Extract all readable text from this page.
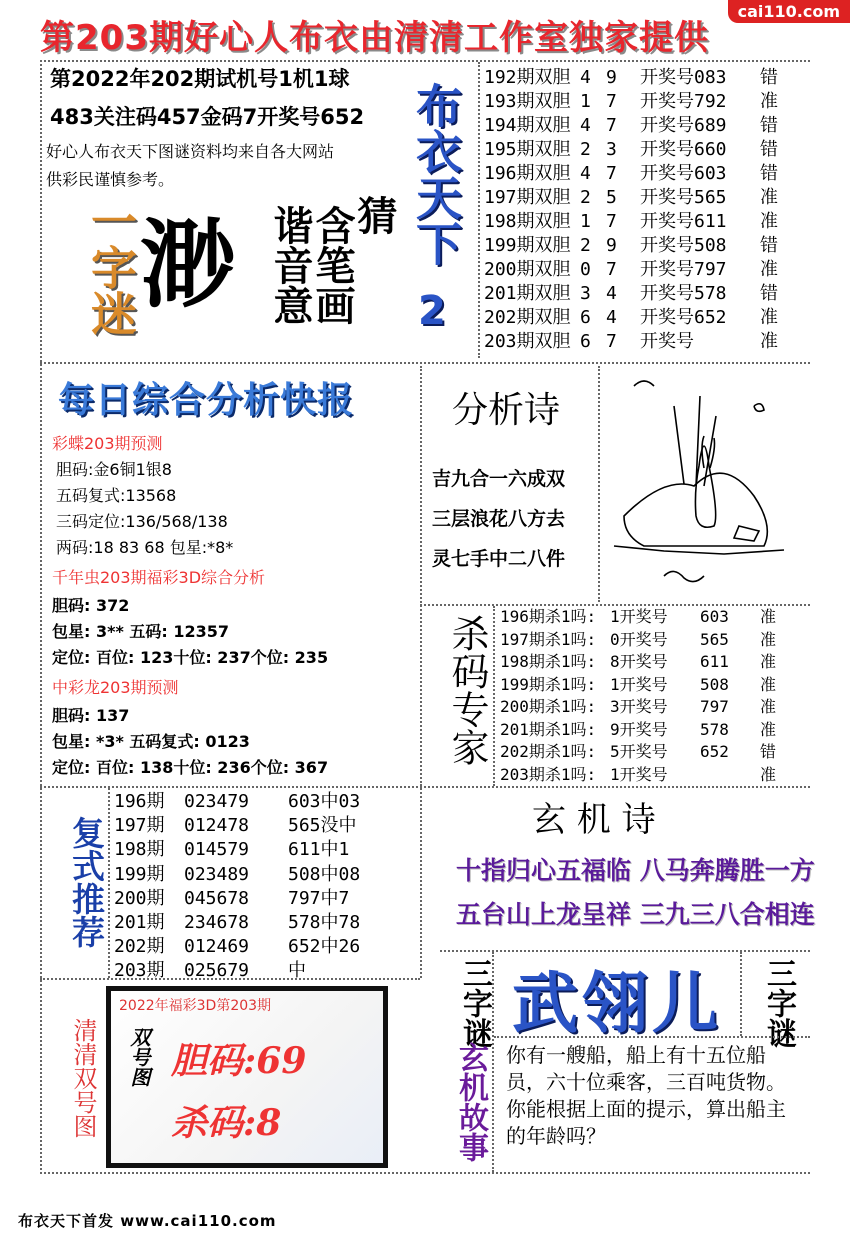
第203期好心人布衣由清清工作室独家提供
cai110.com
第2022年202期试机号1机1球
483关注码457金码7开奖号652
好心人布衣天下图谜资料均来自各大网站
供彩民谨慎参考。
一字迷 渺 谐音意
含笔画
猜 布衣天下
2
192期双胆 4 9 开奖号083 错
193期双胆 1 7 开奖号792 准
194期双胆 4 7 开奖号689 错
195期双胆 2 3 开奖号660 错
196期双胆 4 7 开奖号603 错
197期双胆 2 5 开奖号565 准
198期双胆 1 7 开奖号611 准
199期双胆 2 9 开奖号508 错
200期双胆 0 7 开奖号797 准
201期双胆 3 4 开奖号578 错
202期双胆 6 4 开奖号652 准
203期双胆 6 7 开奖号	准
每日综合分析快报
彩蝶203期预测
胆码:金6铜1银8
五码复式:13568
三码定位:136/568/138
两码:18 83 68 包星:*8*
千年虫203期福彩3D综合分析
胆码: 372
包星: 3** 五码: 12357
定位: 百位: 123十位: 237个位: 235
中彩龙203期预测
胆码: 137
包星: *3* 五码复式: 0123
定位: 百位: 138十位: 236个位: 367
分析诗
吉九合一六成双
三层浪花八方去
灵七手中二八件
杀码专家 196期杀1吗: 1开奖号 603 准
197期杀1吗: 0开奖号 565 准
198期杀1吗: 8开奖号 611 准
199期杀1吗: 1开奖号 508 准
200期杀1吗: 3开奖号 797 准
201期杀1吗: 9开奖号 578 准
202期杀1吗: 5开奖号 652 错
203期杀1吗: 1开奖号	准
复式推荐
196期 023479 603中03
197期 012478 565没中
198期 014579 611中1
199期 023489 508中08
200期 045678 797中7
201期 234678 578中78
202期 012469 652中26
203期 025679 中
玄 机 诗
十指归心五福临 八马奔腾胜一方
五台山上龙呈祥 三九三八合相连
三字谜 武翎儿 三字谜
清清双号图
2022年福彩3D第203期
双号图 胆码:69
杀码:8	玄机故事 你有一艘船，船上有十五位船员，六十位乘客，三百吨货物。你能根据上面的提示，算出船主的年龄吗？
布衣天下首发 www.cai110.com
